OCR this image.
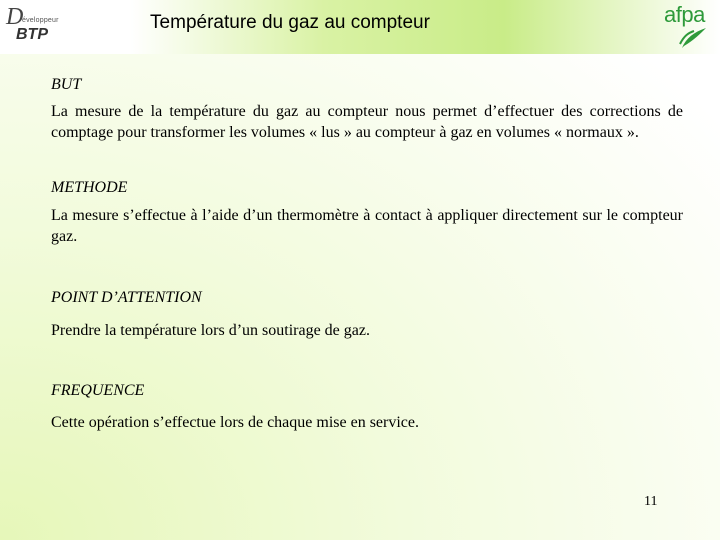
D
éveloppeur
BTP
Température du gaz au compteur	afpa

BUT

La mesure de la température du gaz au compteur nous permet d’effectuer des corrections de comptage pour transformer les volumes « lus » au compteur à gaz en volumes « normaux ».

METHODE

La mesure s’effectue à l’aide d’un thermomètre à contact à appliquer directement sur le compteur gaz.

POINT D’ATTENTION

Prendre la température lors d’un soutirage de gaz.

FREQUENCE

Cette opération s’effectue lors de chaque mise en service.

11
